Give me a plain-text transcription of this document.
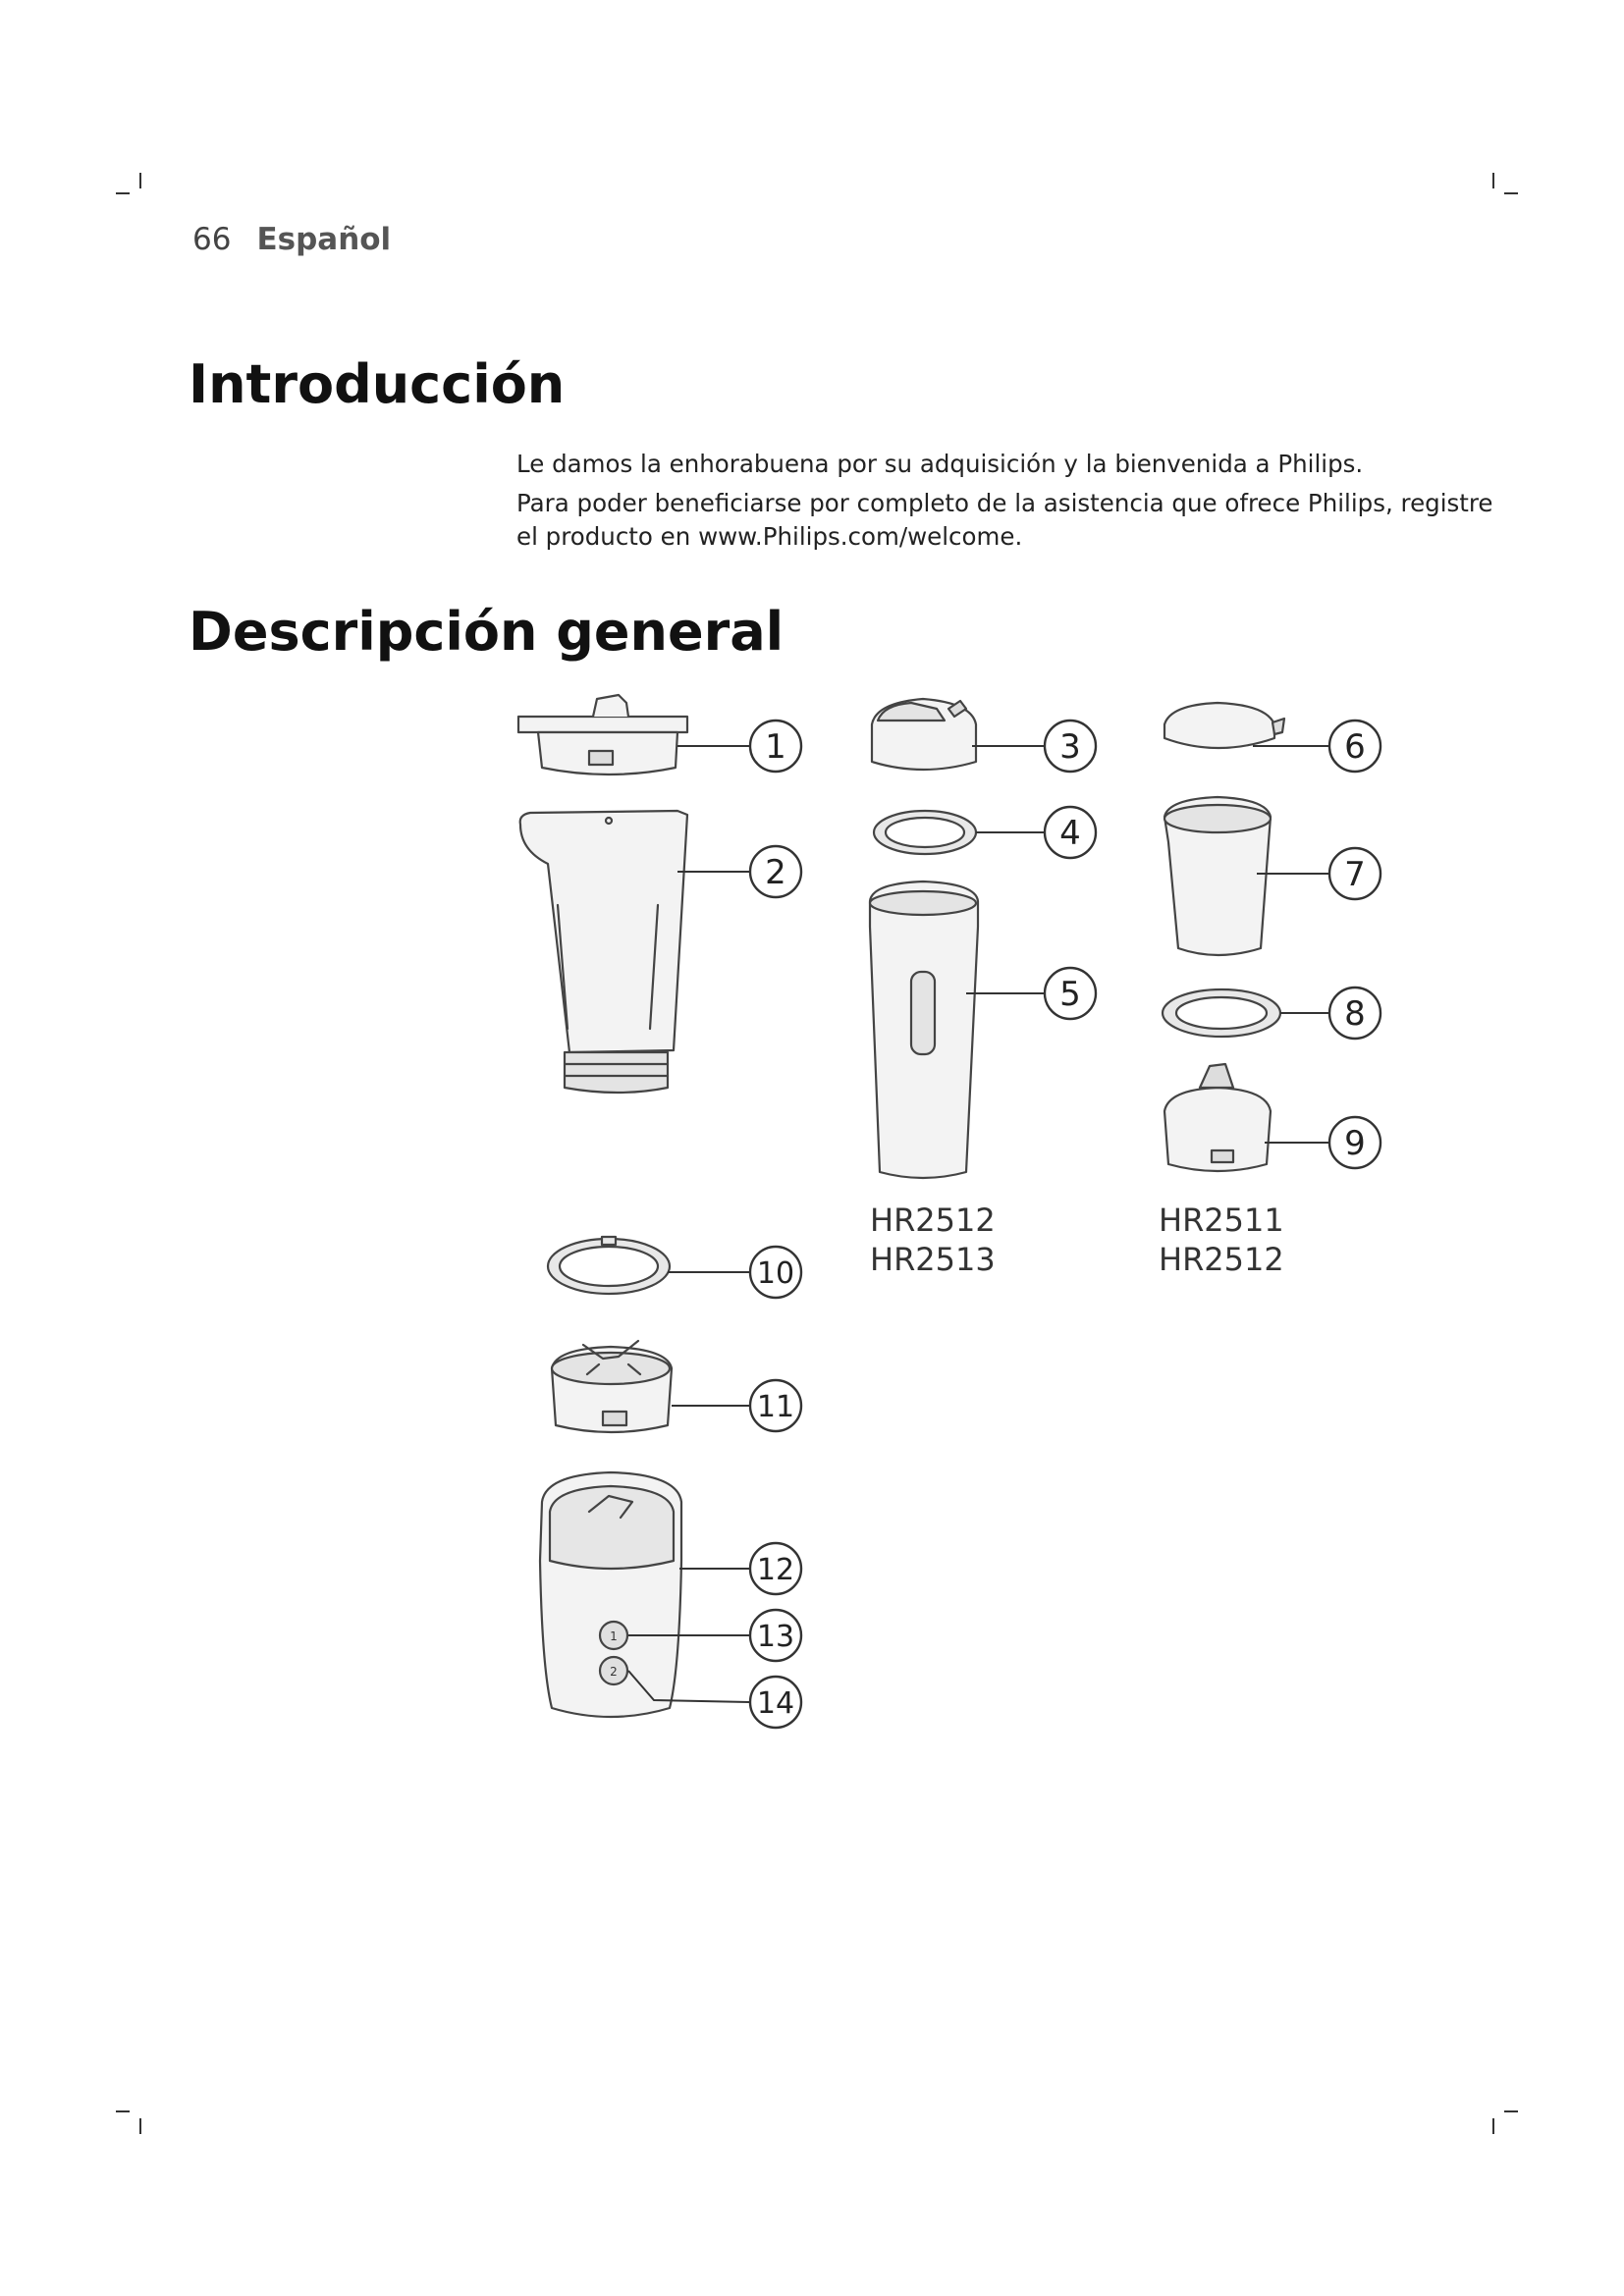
66 Español
Introducción

Le damos la enhorabuena por su adquisición y la bienvenida a Philips.

Para poder beneficiarse por completo de la asistencia que ofrece Philips, registre el producto en www.Philips.com/welcome.

Descripción general
1
2
1
2
3
4
5
6
7
8
9
10
11
12
13
14
HR2512
HR2513
HR2511
HR2512
